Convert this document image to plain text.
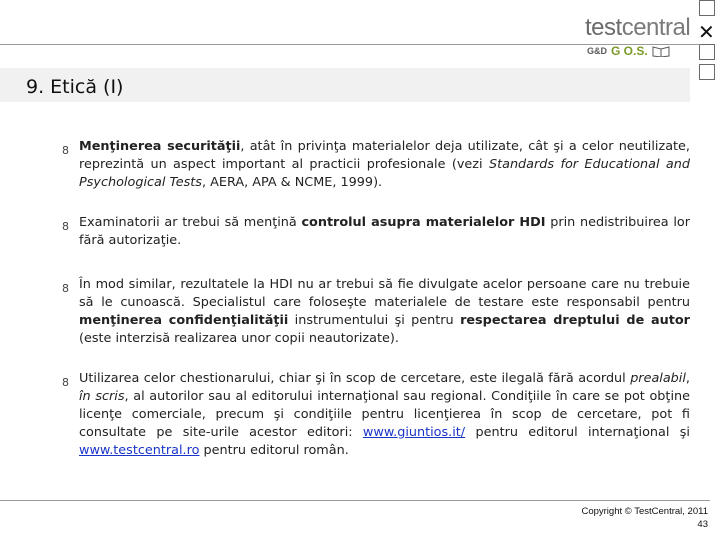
✕
testcentral
G&D G O.S.
9. Etică (I)
8 Menţinerea securităţii, atât în privinţa materialelor deja utilizate, cât şi a celor neutilizate, reprezintă un aspect important al practicii profesionale (vezi Standards for Educational and Psychological Tests, AERA, APA & NCME, 1999).
8 Examinatorii ar trebui să menţină controlul asupra materialelor HDI prin nedistribuirea lor fără autorizaţie.
8 În mod similar, rezultatele la HDI nu ar trebui să fie divulgate acelor persoane care nu trebuie să le cunoască. Specialistul care foloseşte materialele de testare este responsabil pentru menţinerea confidenţialităţii instrumentului şi pentru respectarea dreptului de autor (este interzisă realizarea unor copii neautorizate).
8 Utilizarea celor chestionarului, chiar şi în scop de cercetare, este ilegală fără acordul prealabil, în scris, al autorilor sau al editorului internaţional sau regional. Condiţiile în care se pot obţine licenţe comerciale, precum şi condiţiile pentru licenţierea în scop de cercetare, pot fi consultate pe site-urile acestor editori: www.giuntios.it/ pentru editorul internaţional şi www.testcentral.ro pentru editorul român.
Copyright © TestCentral, 2011
43
